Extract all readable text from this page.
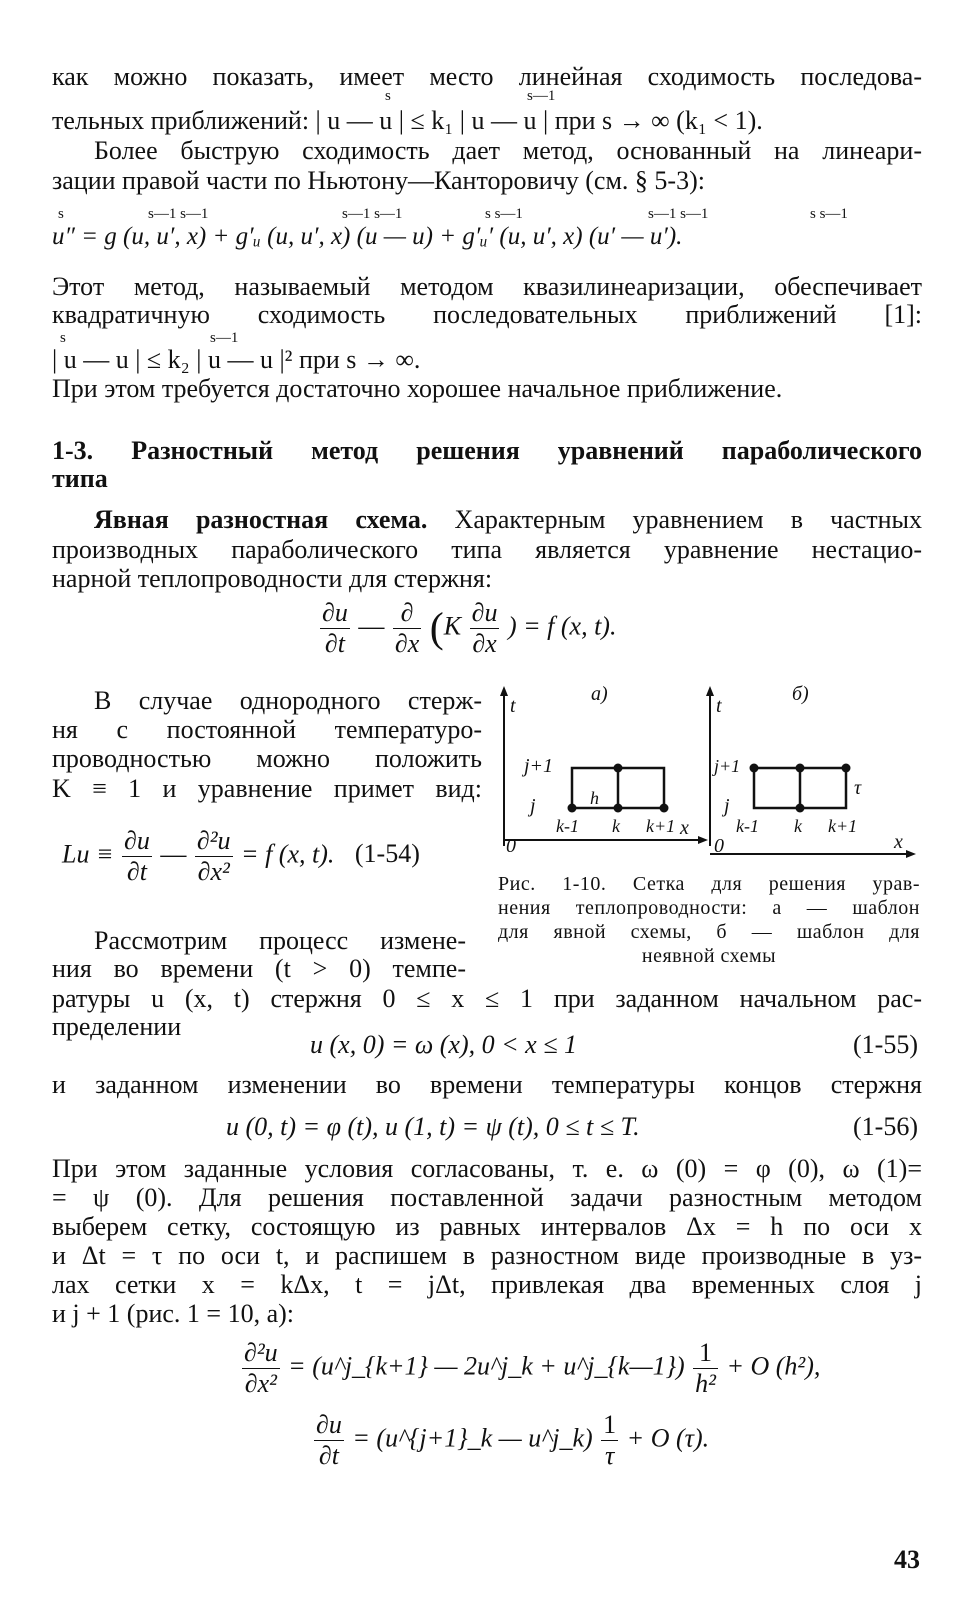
как можно показать, имеет место линейная сходимость последова-
s	s—1
тельных приближений: | u — u | ≤ k₁ | u — u | при s → ∞ (k₁ < 1).
Более быструю сходимость дает метод, основанный на линеари-
зации правой части по Ньютону—Канторовичу (см. § 5-3):
s	s—1 s—1	s—1 s—1	s s—1	s—1 s—1	s s—1
u″ = g (u, u′, x) + g′ᵤ (u, u′, x) (u — u) + g′ᵤ′ (u, u′, x) (u′ — u′).
Этот метод, называемый методом квазилинеаризации, обеспечивает
квадратичную сходимость последовательных приближений [1]:
s	s—1
| u — u | ≤ k₂ | u — u |² при s → ∞.
При этом требуется достаточно хорошее начальное приближение.
1-3. Разностный метод решения уравнений параболического
типа
Явная разностная схема. Характерным уравнением в частных
производных параболического типа является уравнение нестацио-
нарной теплопроводности для стержня:
$\frac{\partial u}{\partial t}$ — $\frac{\partial}{\partial x} (K \frac{\partial u}{\partial x}$ ) = f (x, t).
В случае однородного стерж-
ня с постоянной температуро-
проводностью можно положить
K ≡ 1 и уравнение примет вид:
$Lu \equiv \frac{\partial u}{\partial t}$ — $\frac{\text{∂²u}}{\text{∂x²}} = f$ (x, t). (1-54)
Рассмотрим процесс измене-
ния во времени (t > 0) темпе-
ратуры u (x, t) стержня 0 ≤ x ≤ 1 при заданном начальном рас-
пределении
u (x, 0) = ω (x), 0 < x ≤ 1	(1-55)
и заданном изменении во времени температуры концов стержня
u (0, t) = φ (t), u (1, t) = ψ (t), 0 ≤ t ≤ T.	(1-56)
При этом заданные условия согласованы, т. е. ω (0) = φ (0), ω (1)=
= ψ (0). Для решения поставленной задачи разностным методом
выберем сетку, состоящую из равных интервалов Δx = h по оси x
и Δt = τ по оси t, и распишем в разностном виде производные в уз-
лах сетки x = kΔx, t = jΔt, привлекая два временных слоя j
и j + 1 (рис. 1 = 10, a):
$\frac{\text{∂²u}}{\text{∂x²}}$ = (u^j_{k+1} — 2u^j_k + u^j_{k—1}) $\frac{1}{\text{h²}} + O$ (h²),
$\frac{\partial u}{\partial t}$ = (u^{j+1}_k — u^j_k) $\frac{1}{\tau} + O$ (τ).
t
а)
0
x
j+1
j	h
k-1 k k+1
t
б)
0	x
j+1
j
τ
k-1 k k+1
Рис. 1-10. Сетка для решения урав-
нения теплопроводности: а — шаблон
для явной схемы, б — шаблон для
неявной схемы
43
